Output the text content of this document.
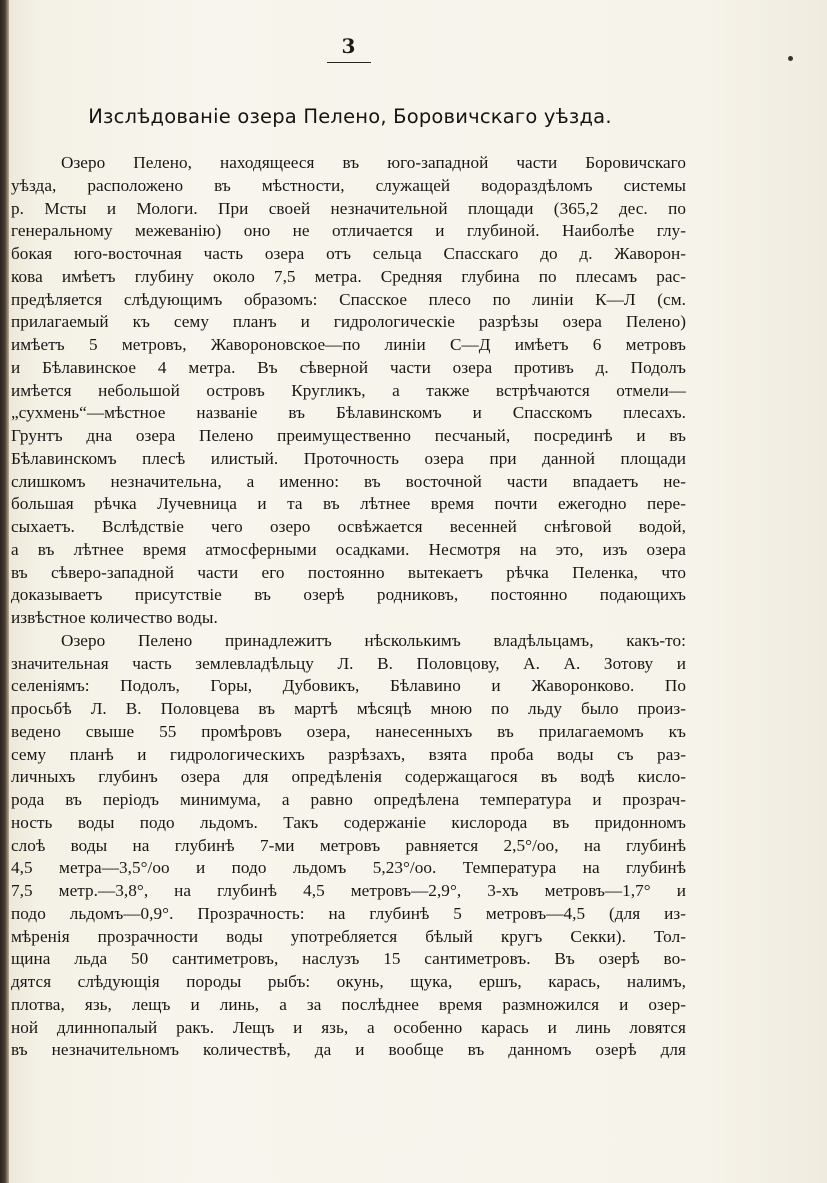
3
Изслѣдованіе озера Пелено, Боровичскаго уѣзда.
Озеро Пелено, находящееся въ юго-западной части Боровичскаго
уѣзда, расположено въ мѣстности, служащей водораздѣломъ системы
р. Мсты и Мологи. При своей незначительной площади (365,2 дес. по
генеральному межеванію) оно не отличается и глубиной. Наиболѣе глу-
бокая юго-восточная часть озера отъ сельца Спасскаго до д. Жаворон-
кова имѣетъ глубину около 7,5 метра. Средняя глубина по плесамъ рас-
предѣляется слѣдующимъ образомъ: Спасское плесо по линіи К—Л (см.
прилагаемый къ сему планъ и гидрологическіе разрѣзы озера Пелено)
имѣетъ 5 метровъ, Жавороновское—по линіи С—Д имѣетъ 6 метровъ
и Бѣлавинское 4 метра. Въ сѣверной части озера противъ д. Подолъ
имѣется небольшой островъ Кругликъ, а также встрѣчаются отмели—
„сухмень“—мѣстное названіе въ Бѣлавинскомъ и Спасскомъ плесахъ.
Грунтъ дна озера Пелено преимущественно песчаный, посрединѣ и въ
Бѣлавинскомъ плесѣ илистый. Проточность озера при данной площади
слишкомъ незначительна, а именно: въ восточной части впадаетъ не-
большая рѣчка Лучевница и та въ лѣтнее время почти ежегодно пере-
сыхаетъ. Вслѣдствіе чего озеро освѣжается весенней снѣговой водой,
а въ лѣтнее время атмосферными осадками. Несмотря на это, изъ озера
въ сѣверо-западной части его постоянно вытекаетъ рѣчка Пеленка, что
доказываетъ присутствіе въ озерѣ родниковъ, постоянно подающихъ
извѣстное количество воды.
Озеро Пелено принадлежитъ нѣсколькимъ владѣльцамъ, какъ-то:
значительная часть землевладѣльцу Л. В. Половцову, А. А. Зотову и
селеніямъ: Подолъ, Горы, Дубовикъ, Бѣлавино и Жаворонково. По
просьбѣ Л. В. Половцева въ мартѣ мѣсяцѣ мною по льду было произ-
ведено свыше 55 промѣровъ озера, нанесенныхъ въ прилагаемомъ къ
сему планѣ и гидрологическихъ разрѣзахъ, взята проба воды съ раз-
личныхъ глубинъ озера для опредѣленія содержащагося въ водѣ кисло-
рода въ періодъ минимума, а равно опредѣлена температура и прозрач-
ность воды подо льдомъ. Такъ содержаніе кислорода въ придонномъ
слоѣ воды на глубинѣ 7-ми метровъ равняется 2,5°/оо, на глубинѣ
4,5 метра—3,5°/оо и подо льдомъ 5,23°/оо. Температура на глубинѣ
7,5 метр.—3,8°, на глубинѣ 4,5 метровъ—2,9°, 3-хъ метровъ—1,7° и
подо льдомъ—0,9°. Прозрачность: на глубинѣ 5 метровъ—4,5 (для из-
мѣренія прозрачности воды употребляется бѣлый кругъ Секки). Тол-
щина льда 50 сантиметровъ, наслузъ 15 сантиметровъ. Въ озерѣ во-
дятся слѣдующія породы рыбъ: окунь, щука, ершъ, карась, налимъ,
плотва, язь, лещъ и линь, а за послѣднее время размножился и озер-
ной длиннопалый ракъ. Лещъ и язь, а особенно карась и линь ловятся
въ незначительномъ количествѣ, да и вообще въ данномъ озерѣ для
